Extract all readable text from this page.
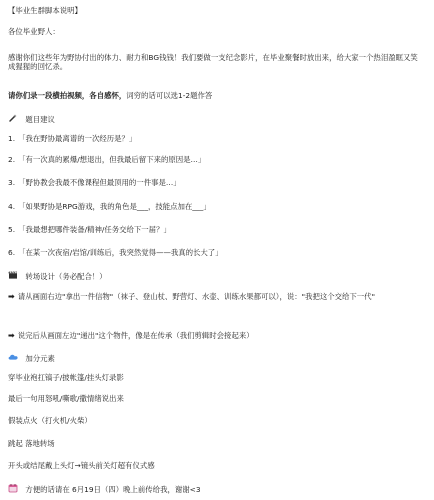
【毕业生群脚本说明】
各位毕业野人：
感谢你们这些年为野协付出的体力、耐力和BG钱钱！我们要做一支纪念影片，在毕业聚餐时放出来，给大家一个热泪盈眶又笑成猩猩的回忆杀。
请你们录一段横拍视频，各自感怀，词穷的话可以选1-2题作答
题目建议
1. 「我在野协最离谱的一次经历是？」
2. 「有一次真的累爆/想退出，但我最后留下来的原因是…」
3. 「野协教会我最不像课程但最顶用的一件事是…」
4. 「如果野协是RPG游戏，我的角色是___，技能点加在___」
5. 「我最想把哪件装备/精神/任务交给下一届？」
6. 「在某一次夜宿/岩馆/训练后，我突然觉得——我真的长大了」
转场设计（务必配合！）
➡ 请从画面右边"拿出一件信物"（袜子、登山杖、野营灯、水壶、训练水果都可以），说："我把这个交给下一代"
➡ 说完后从画面左边"递出"这个物件，像是在传承（我们剪辑时会接起来）
加分元素
穿毕业袍扛镐子/披帐篷/挂头灯录影
最后一句用怒吼/嘶歌/撒情绪说出来
假装点火（打火机/火柴）
跳起 落地转场
开头或结尾戴上头灯→镜头前关灯超有仪式感
方便的话请在 6月19日（四）晚上前传给我，谢谢<3
